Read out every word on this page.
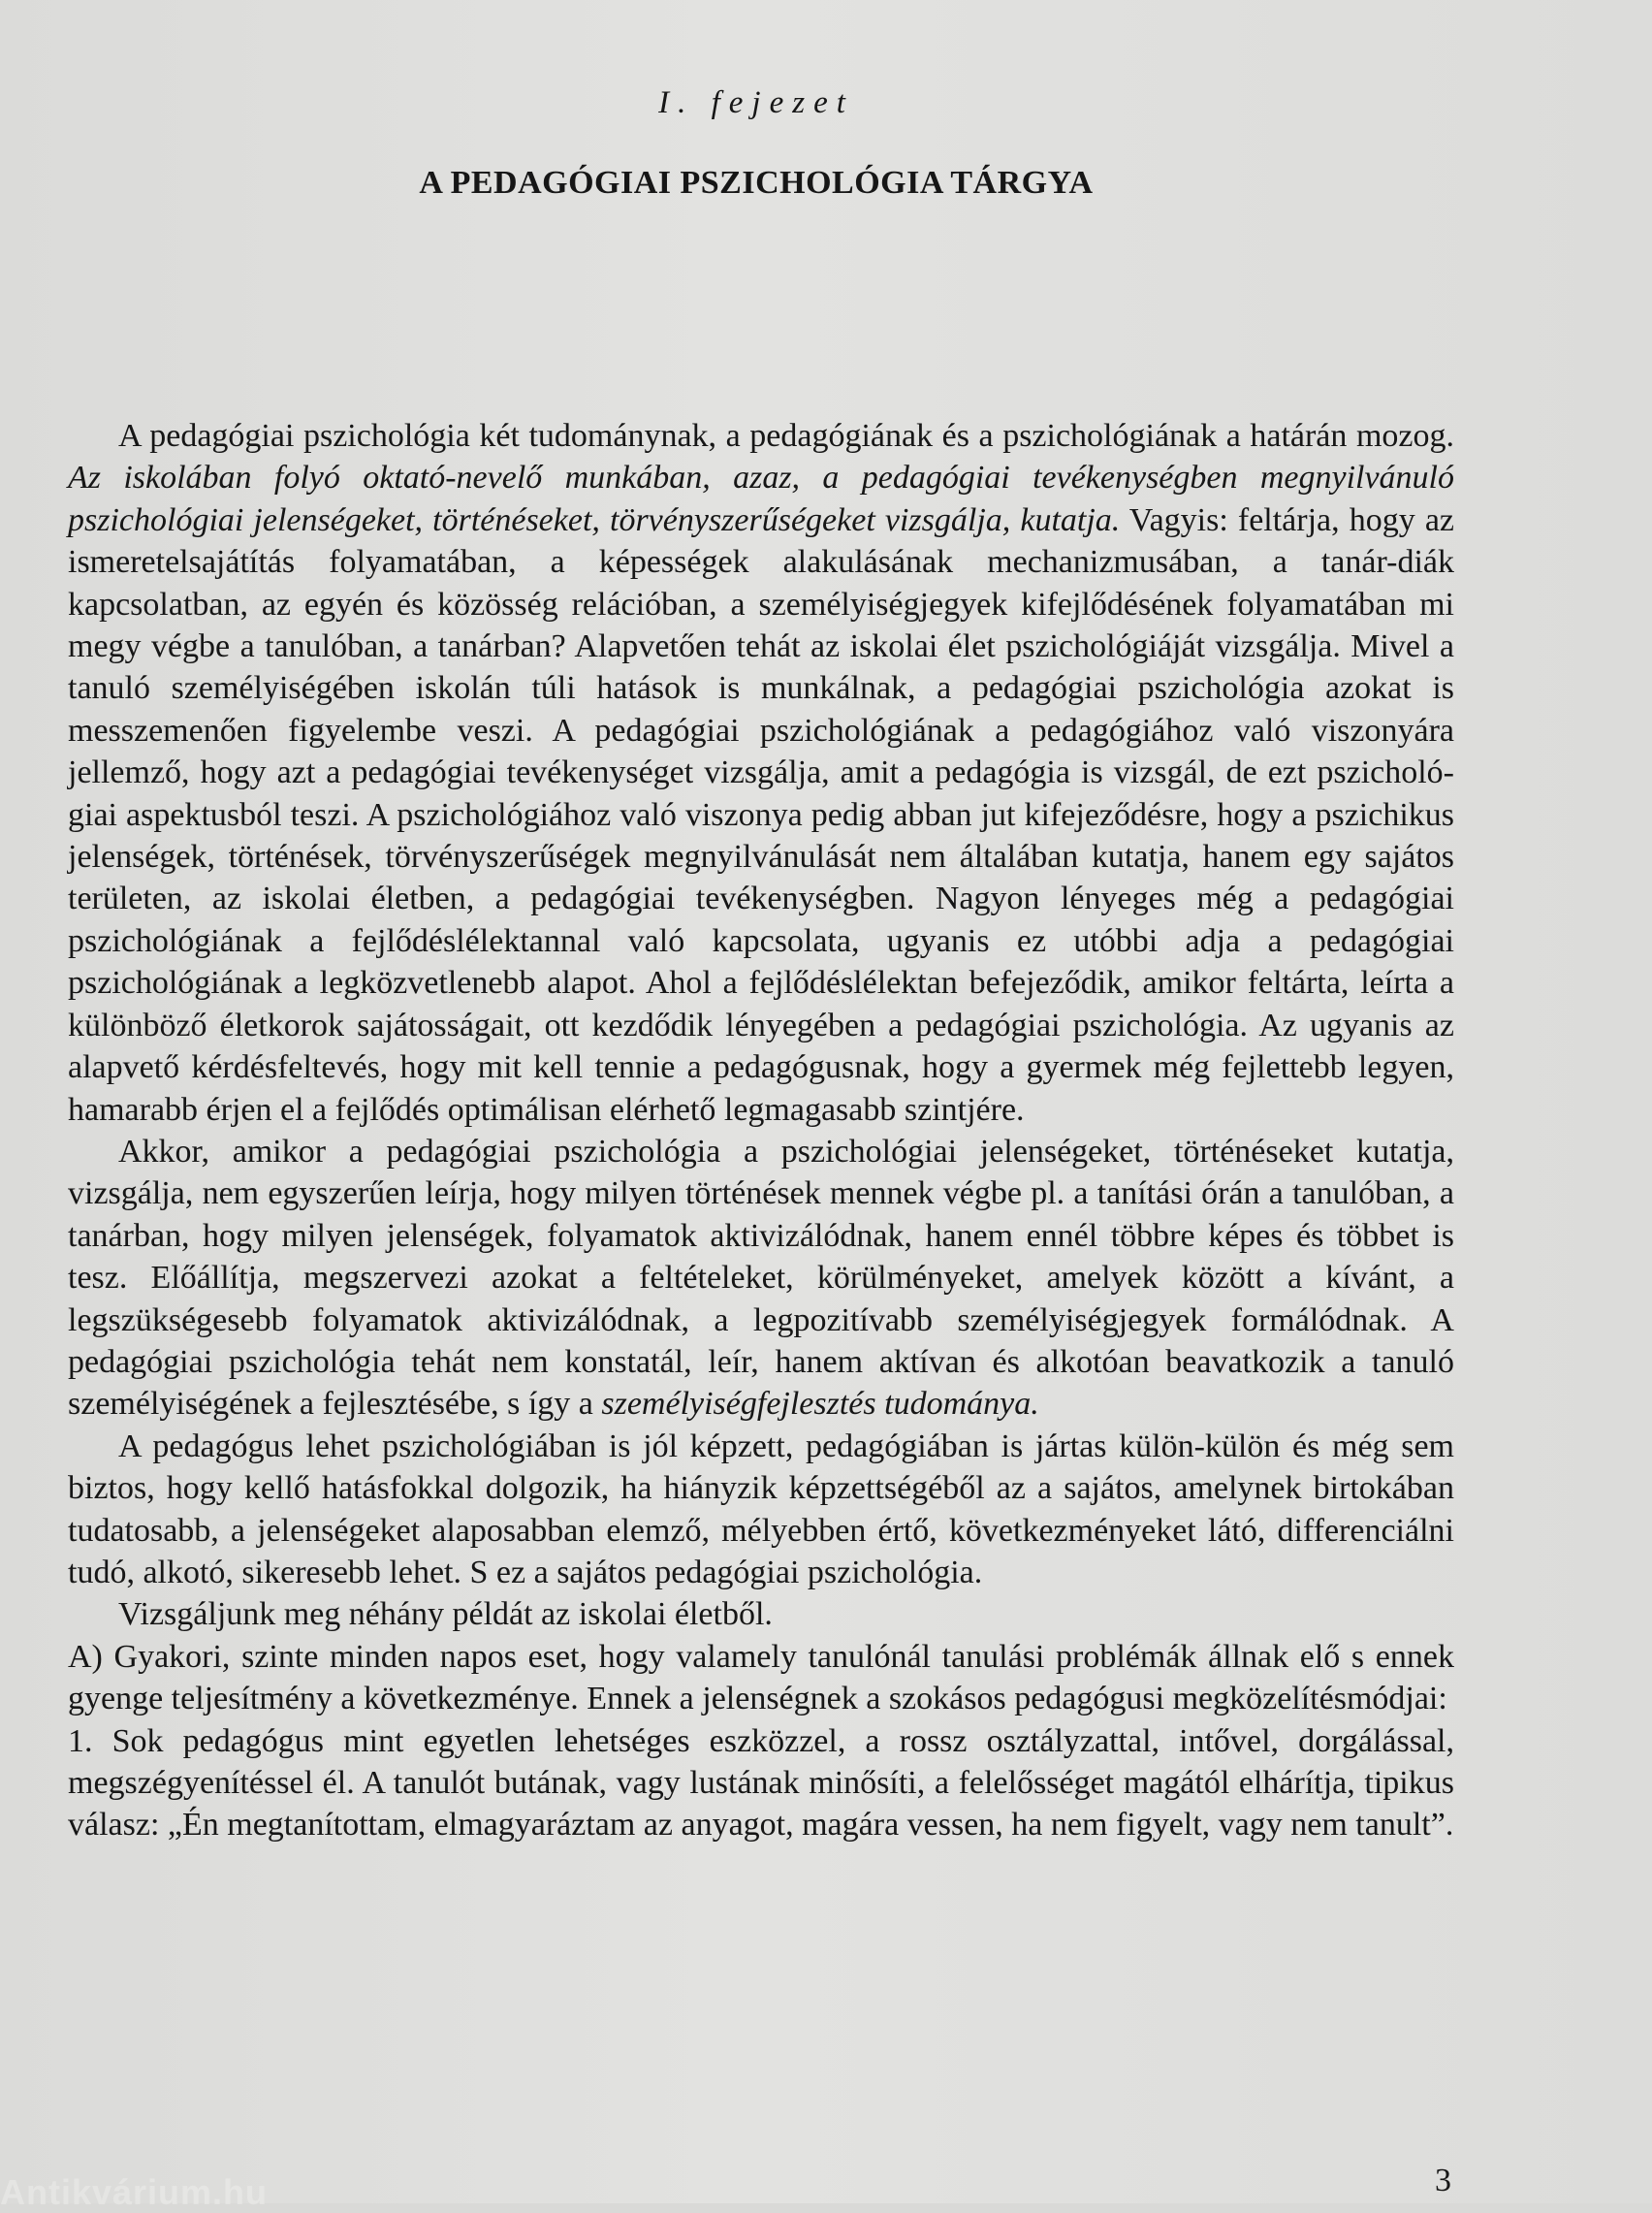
I. fejezet
A PEDAGÓGIAI PSZICHOLÓGIA TÁRGYA

A pedagógiai pszichológia két tudománynak, a pedagógiának és a pszichológiának a határán mozog. Az iskolában folyó oktató-nevelő munkában, azaz, a pedagógiai tevékenységben megnyilvánuló pszichológiai jelenségeket, történéseket, törvényszerűségeket vizsgálja, kutatja. Vagyis: feltárja, hogy az ismeretelsajátítás folyamatában, a képességek alakulásának mechanizmusában, a tanár-diák kapcsolatban, az egyén és közösség relációban, a személyiségjegyek kifejlődésének folyamatában mi megy végbe a tanulóban, a tanárban? Alapvetően tehát az iskolai élet pszichológiáját vizsgálja. Mivel a tanuló személyiségében iskolán túli hatások is munkálnak, a pedagógiai pszichológia azokat is messzemenően figyelembe veszi. A pedagógiai pszichológiának a pedagógiához való viszonyára jellemző, hogy azt a pedagógiai tevékenységet vizsgálja, amit a pedagógia is vizsgál, de ezt pszichológiai aspektusból teszi. A pszichológiához való viszonya pedig abban jut kifejeződésre, hogy a pszichikus jelenségek, történések, törvényszerűségek megnyilvánulását nem általában kutatja, hanem egy sajátos területen, az iskolai életben, a pedagógiai tevékenységben. Nagyon lényeges még a pedagógiai pszichológiának a fejlődéslélektannal való kapcsolata, ugyanis ez utóbbi adja a pedagógiai pszichológiának a legközvetlenebb alapot. Ahol a fejlődéslélektan befejeződik, amikor feltárta, leírta a különböző életkorok sajátosságait, ott kezdődik lényegében a pedagógiai pszichológia. Az ugyanis az alapvető kérdésfeltevés, hogy mit kell tennie a pedagógusnak, hogy a gyermek még fejlettebb legyen, hamarabb érjen el a fejlődés optimálisan elérhető legmagasabb szintjére.

Akkor, amikor a pedagógiai pszichológia a pszichológiai jelenségeket, történéseket kutatja, vizsgálja, nem egyszerűen leírja, hogy milyen történések mennek végbe pl. a tanítási órán a tanulóban, a tanárban, hogy milyen jelenségek, folyamatok aktivizálódnak, hanem ennél többre képes és többet is tesz. Előállítja, megszervezi azokat a feltételeket, körülményeket, amelyek között a kívánt, a legszükségesebb folyamatok aktivizálódnak, a legpozitívabb személyiségjegyek formálódnak. A pedagógiai pszichológia tehát nem konstatál, leír, hanem aktívan és alkotóan beavatkozik a tanuló személyiségének a fejlesztésébe, s így a személyiségfejlesztés tudománya.

A pedagógus lehet pszichológiában is jól képzett, pedagógiában is jártas külön-külön és még sem biztos, hogy kellő hatásfokkal dolgozik, ha hiányzik képzettségéből az a sajátos, amelynek birtokában tudatosabb, a jelenségeket alaposabban elemző, mélyebben értő, következményeket látó, differenciálni tudó, alkotó, sikeresebb lehet. S ez a sajátos pedagógiai pszichológia.

Vizsgáljunk meg néhány példát az iskolai életből.

A) Gyakori, szinte minden napos eset, hogy valamely tanulónál tanulási problémák állnak elő s ennek gyenge teljesítmény a következménye. Ennek a jelenségnek a szokásos pedagógusi megközelítésmódjai:

1. Sok pedagógus mint egyetlen lehetséges eszközzel, a rossz osztályzattal, intővel, dorgálással, megszégyenítéssel él. A tanulót butának, vagy lustának minősíti, a felelősséget magától elhárítja, tipikus válasz: „Én megtanítottam, elmagyaráztam az anyagot, magára vessen, ha nem figyelt, vagy nem tanult”.

3
Antikvárium.hu
